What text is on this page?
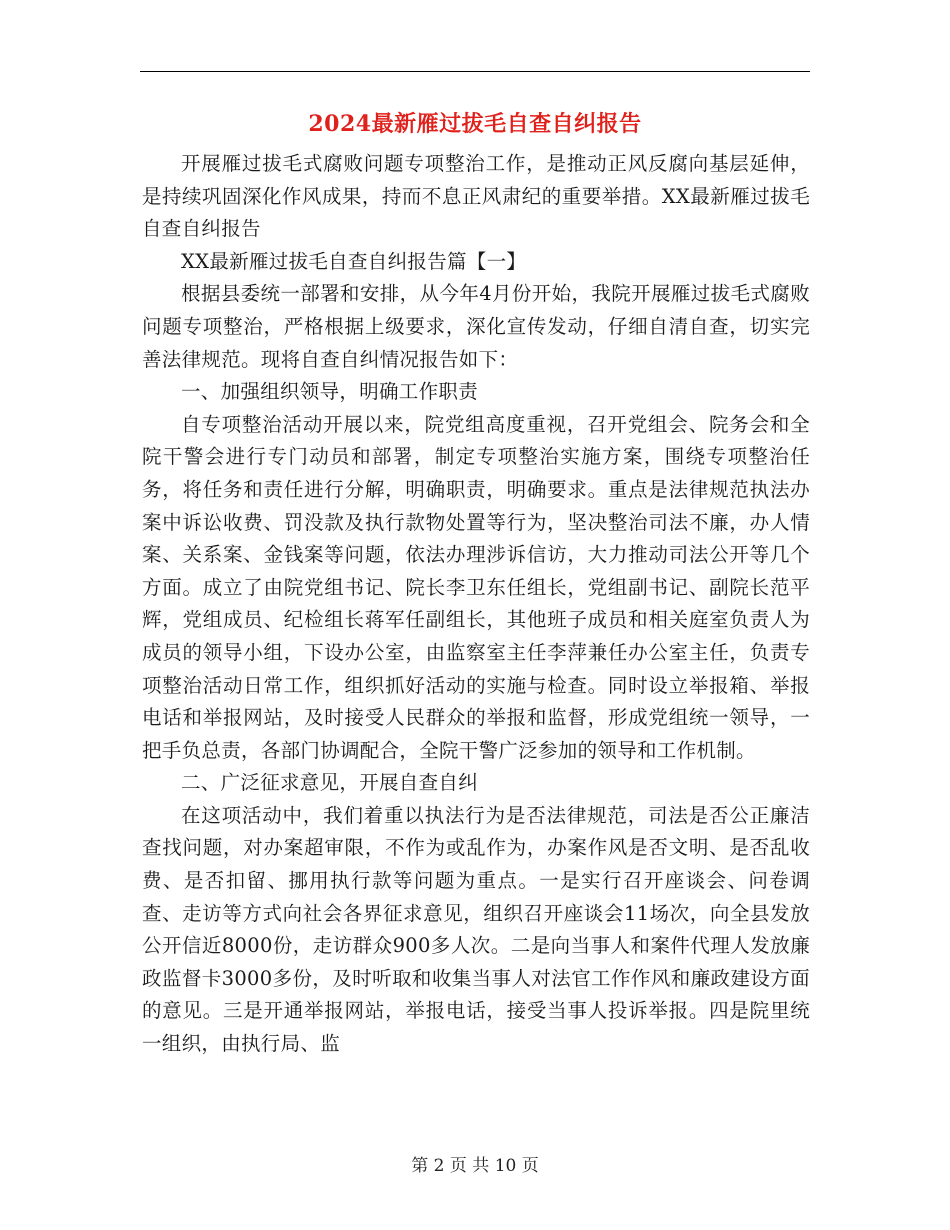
2024最新雁过拔毛自查自纠报告

开展雁过拔毛式腐败问题专项整治工作，是推动正风反腐向基层延伸，是持续巩固深化作风成果，持而不息正风肃纪的重要举措。XX最新雁过拔毛自查自纠报告

XX最新雁过拔毛自查自纠报告篇【一】

根据县委统一部署和安排，从今年4月份开始，我院开展雁过拔毛式腐败问题专项整治，严格根据上级要求，深化宣传发动，仔细自清自查，切实完善法律规范。现将自查自纠情况报告如下：

一、加强组织领导，明确工作职责

自专项整治活动开展以来，院党组高度重视，召开党组会、院务会和全院干警会进行专门动员和部署，制定专项整治实施方案，围绕专项整治任务，将任务和责任进行分解，明确职责，明确要求。重点是法律规范执法办案中诉讼收费、罚没款及执行款物处置等行为，坚决整治司法不廉，办人情案、关系案、金钱案等问题，依法办理涉诉信访，大力推动司法公开等几个方面。成立了由院党组书记、院长李卫东任组长，党组副书记、副院长范平辉，党组成员、纪检组长蒋军任副组长，其他班子成员和相关庭室负责人为成员的领导小组，下设办公室，由监察室主任李萍兼任办公室主任，负责专项整治活动日常工作，组织抓好活动的实施与检查。同时设立举报箱、举报电话和举报网站，及时接受人民群众的举报和监督，形成党组统一领导，一把手负总责，各部门协调配合，全院干警广泛参加的领导和工作机制。

二、广泛征求意见，开展自查自纠

在这项活动中，我们着重以执法行为是否法律规范，司法是否公正廉洁查找问题，对办案超审限，不作为或乱作为，办案作风是否文明、是否乱收费、是否扣留、挪用执行款等问题为重点。一是实行召开座谈会、问卷调查、走访等方式向社会各界征求意见，组织召开座谈会11场次，向全县发放公开信近8000份，走访群众900多人次。二是向当事人和案件代理人发放廉政监督卡3000多份，及时听取和收集当事人对法官工作作风和廉政建设方面的意见。三是开通举报网站，举报电话，接受当事人投诉举报。四是院里统一组织，由执行局、监

第 2 页 共 10 页
